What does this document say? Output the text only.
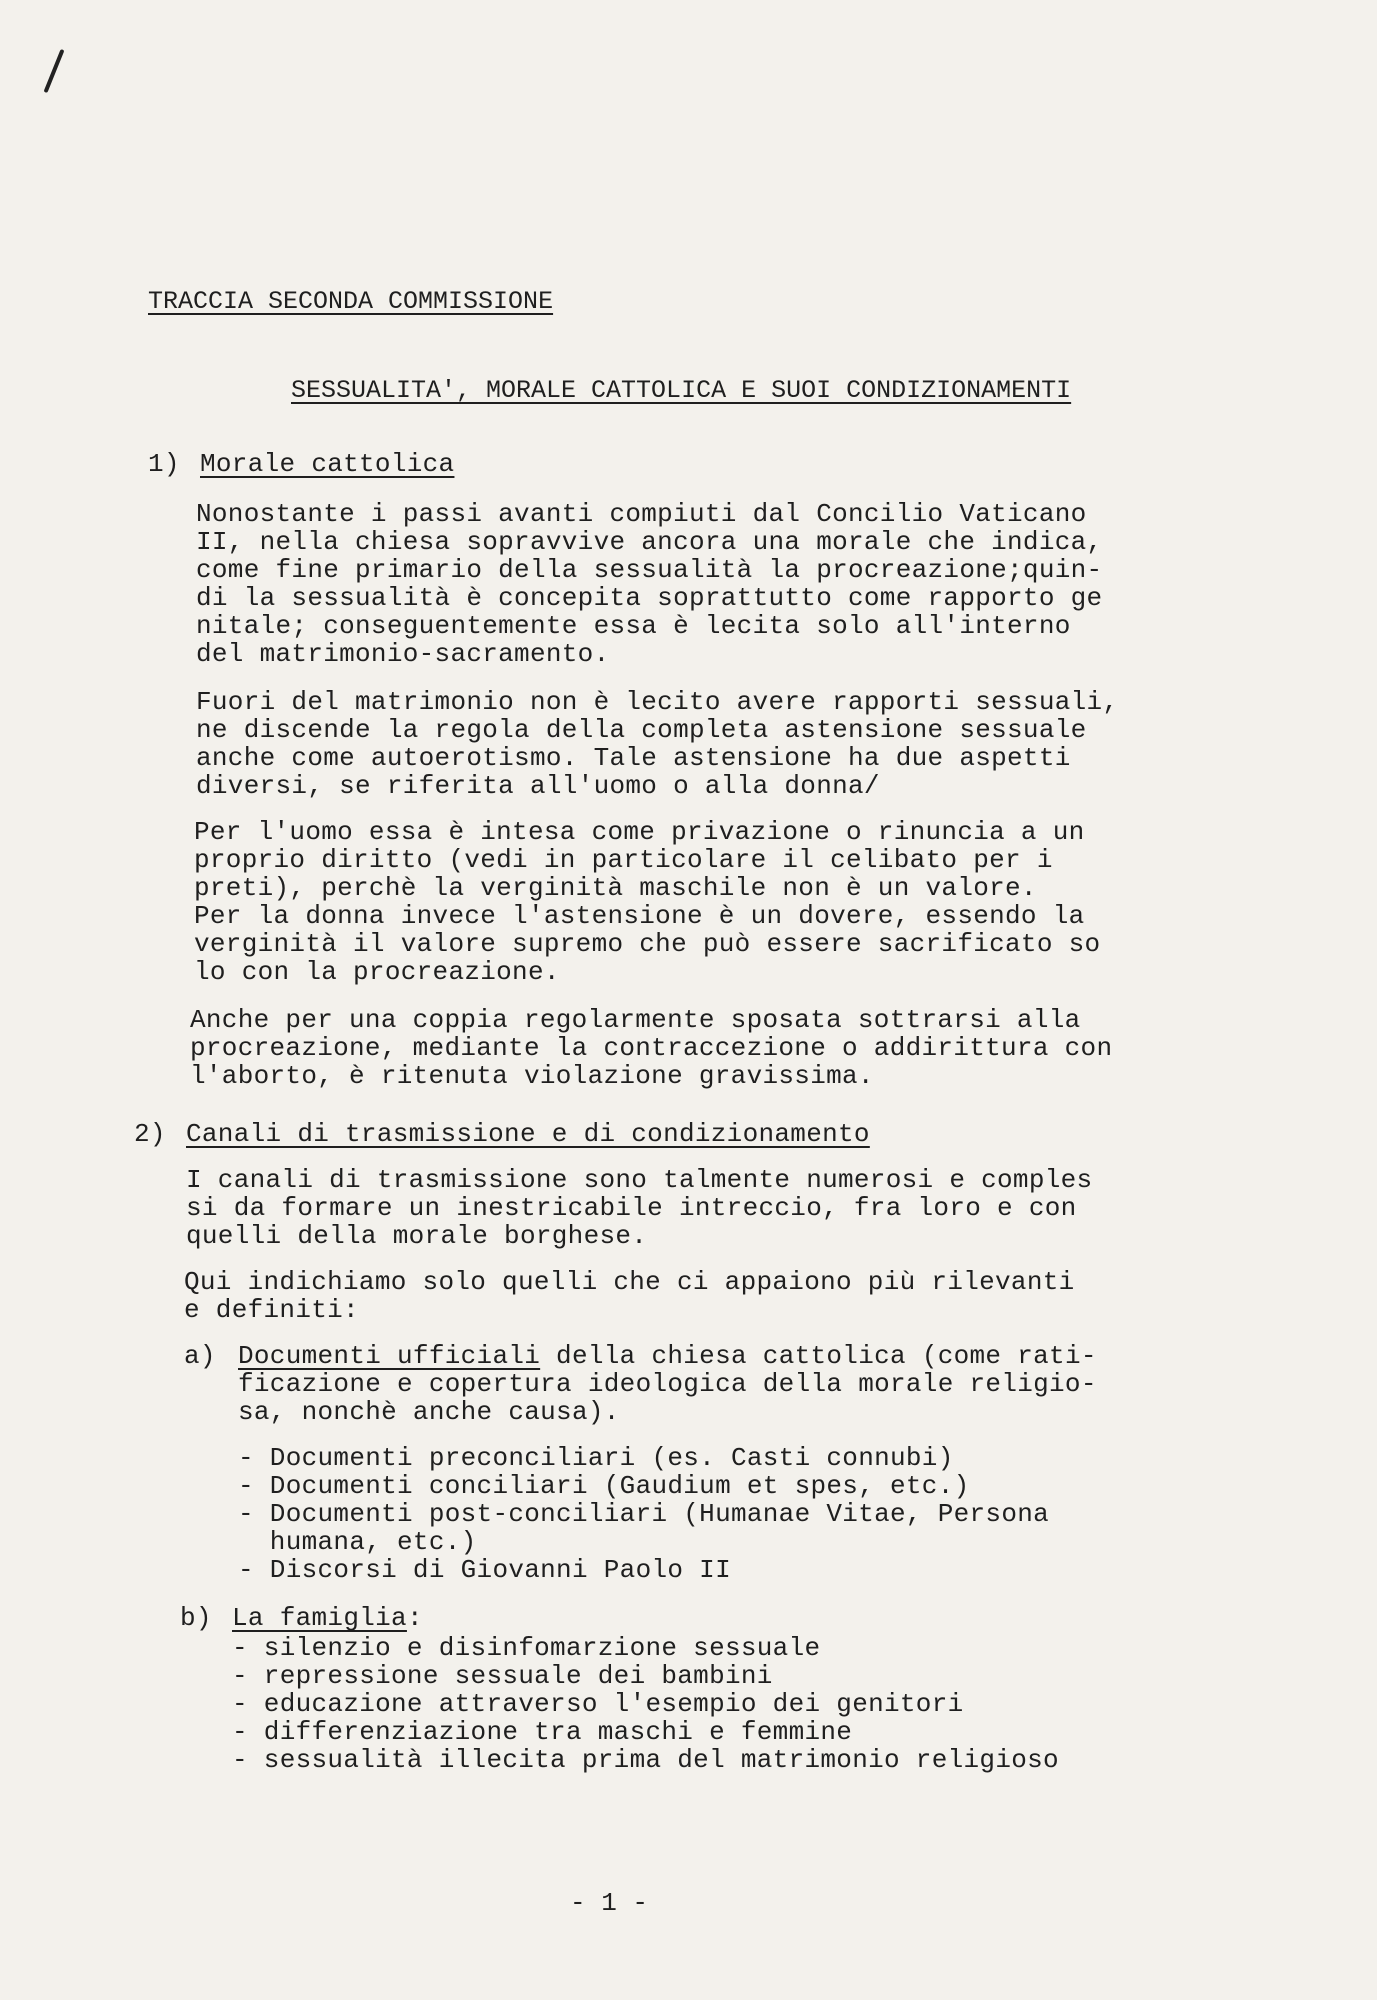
TRACCIA SECONDA COMMISSIONE
SESSUALITA', MORALE CATTOLICA E SUOI CONDIZIONAMENTI
1) Morale cattolica
Nonostante i passi avanti compiuti dal Concilio Vaticano
II, nella chiesa sopravvive ancora una morale che indica,
come fine primario della sessualità la procreazione;quin-
di la sessualità è concepita soprattutto come rapporto ge
nitale; conseguentemente essa è lecita solo all'interno
del matrimonio-sacramento.
Fuori del matrimonio non è lecito avere rapporti sessuali,
ne discende la regola della completa astensione sessuale
anche come autoerotismo. Tale astensione ha due aspetti
diversi, se riferita all'uomo o alla donna/
Per l'uomo essa è intesa come privazione o rinuncia a un
proprio diritto (vedi in particolare il celibato per i
preti), perchè la verginità maschile non è un valore.
Per la donna invece l'astensione è un dovere, essendo la
verginità il valore supremo che può essere sacrificato so
lo con la procreazione.
Anche per una coppia regolarmente sposata sottrarsi alla
procreazione, mediante la contraccezione o addirittura con
l'aborto, è ritenuta violazione gravissima.
2) Canali di trasmissione e di condizionamento
I canali di trasmissione sono talmente numerosi e comples
si da formare un inestricabile intreccio, fra loro e con
quelli della morale borghese.
Qui indichiamo solo quelli che ci appaiono più rilevanti
e definiti:
a) Documenti ufficiali della chiesa cattolica (come rati-
ficazione e copertura ideologica della morale religio-
sa, nonchè anche causa).
- Documenti preconciliari (es. Casti connubi)
- Documenti conciliari (Gaudium et spes, etc.)
- Documenti post-conciliari (Humanae Vitae, Persona
humana, etc.)
- Discorsi di Giovanni Paolo II
b) La famiglia:
- silenzio e disinfomarzione sessuale
- repressione sessuale dei bambini
- educazione attraverso l'esempio dei genitori
- differenziazione tra maschi e femmine
- sessualità illecita prima del matrimonio religioso
- 1 -
